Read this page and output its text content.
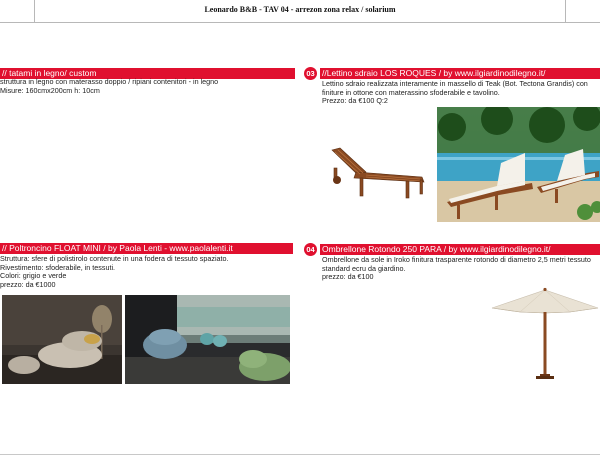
Leonardo B&B - TAV 04 - arrezon zona relax / solarium
// tatami in legno/ custom
struttura in legno con materasso doppio / ripiani contenitori - in legno
Misure: 160cmx200cm h: 10cm
03 //Lettino sdraio LOS ROQUES / by www.ilgiardinodilegno.it/
Lettino sdraio realizzata interamente in massello di Teak (Bot. Tectona Grandis) con
finiture in ottone con materassino sfoderabile e tavolino.
Prezzo: da €100 Q:2
// Poltroncino FLOAT MINI / by Paola Lenti - www.paolalenti.it
Struttura: sfere di polistirolo contenute in una fodera di tessuto spaziato.
Rivestimento: sfoderabile, in tessuti.
Colori: grigio e verde
prezzo: da €1000
04 Ombrellone Rotondo 250 PARA / by www.ilgiardinodilegno.it/
Ombrellone da sole in Iroko finitura trasparente rotondo di diametro 2,5 metri tessuto
standard ecru da giardino.
prezzo: da €100
